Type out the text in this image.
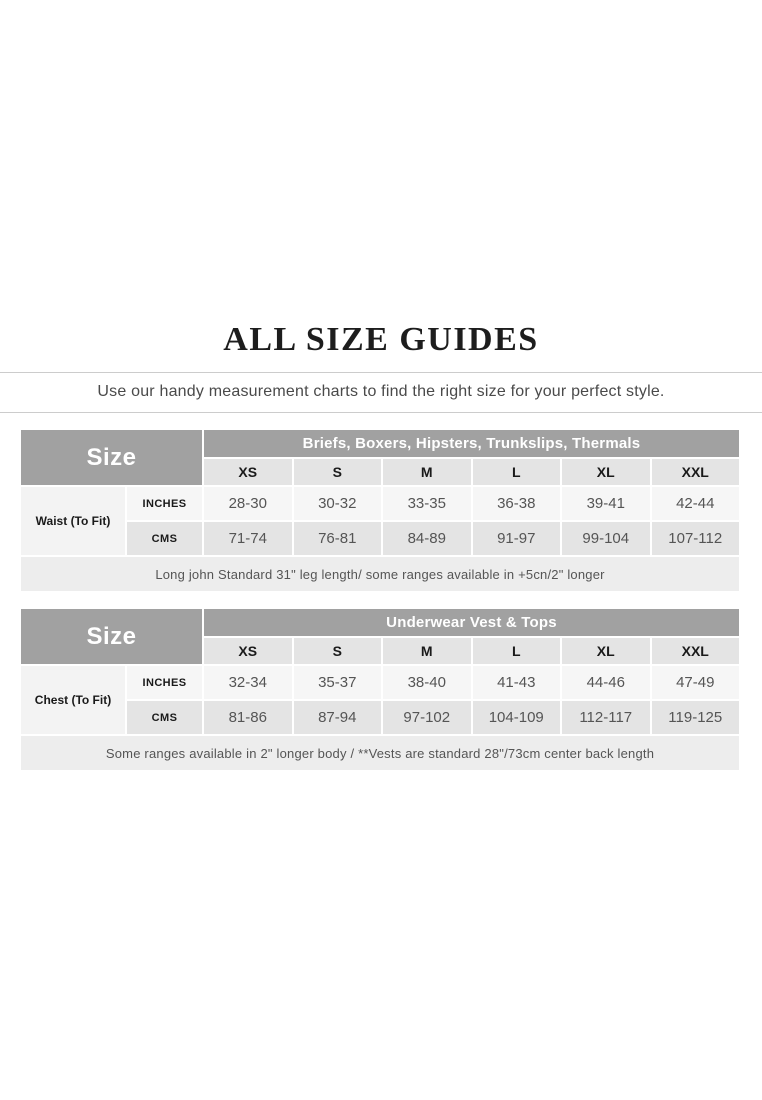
ALL SIZE GUIDES

Use our handy measurement charts to find the right size for your perfect style.

Size		Briefs, Boxers, Hipsters, Trunkslips, Thermals					
		XS	S	M	L	XL	XXL
Waist (To Fit)	INCHES	28-30	30-32	33-35	36-38	39-41	42-44
	CMS	71-74	76-81	84-89	91-97	99-104	107-112
Long john Standard 31" leg length/ some ranges available in +5cn/2" longer							
Size		Underwear Vest & Tops					
		XS	S	M	L	XL	XXL
Chest (To Fit)	INCHES	32-34	35-37	38-40	41-43	44-46	47-49
	CMS	81-86	87-94	97-102	104-109	112-117	119-125
Some ranges available in 2" longer body / **Vests are standard 28"/73cm center back length							
